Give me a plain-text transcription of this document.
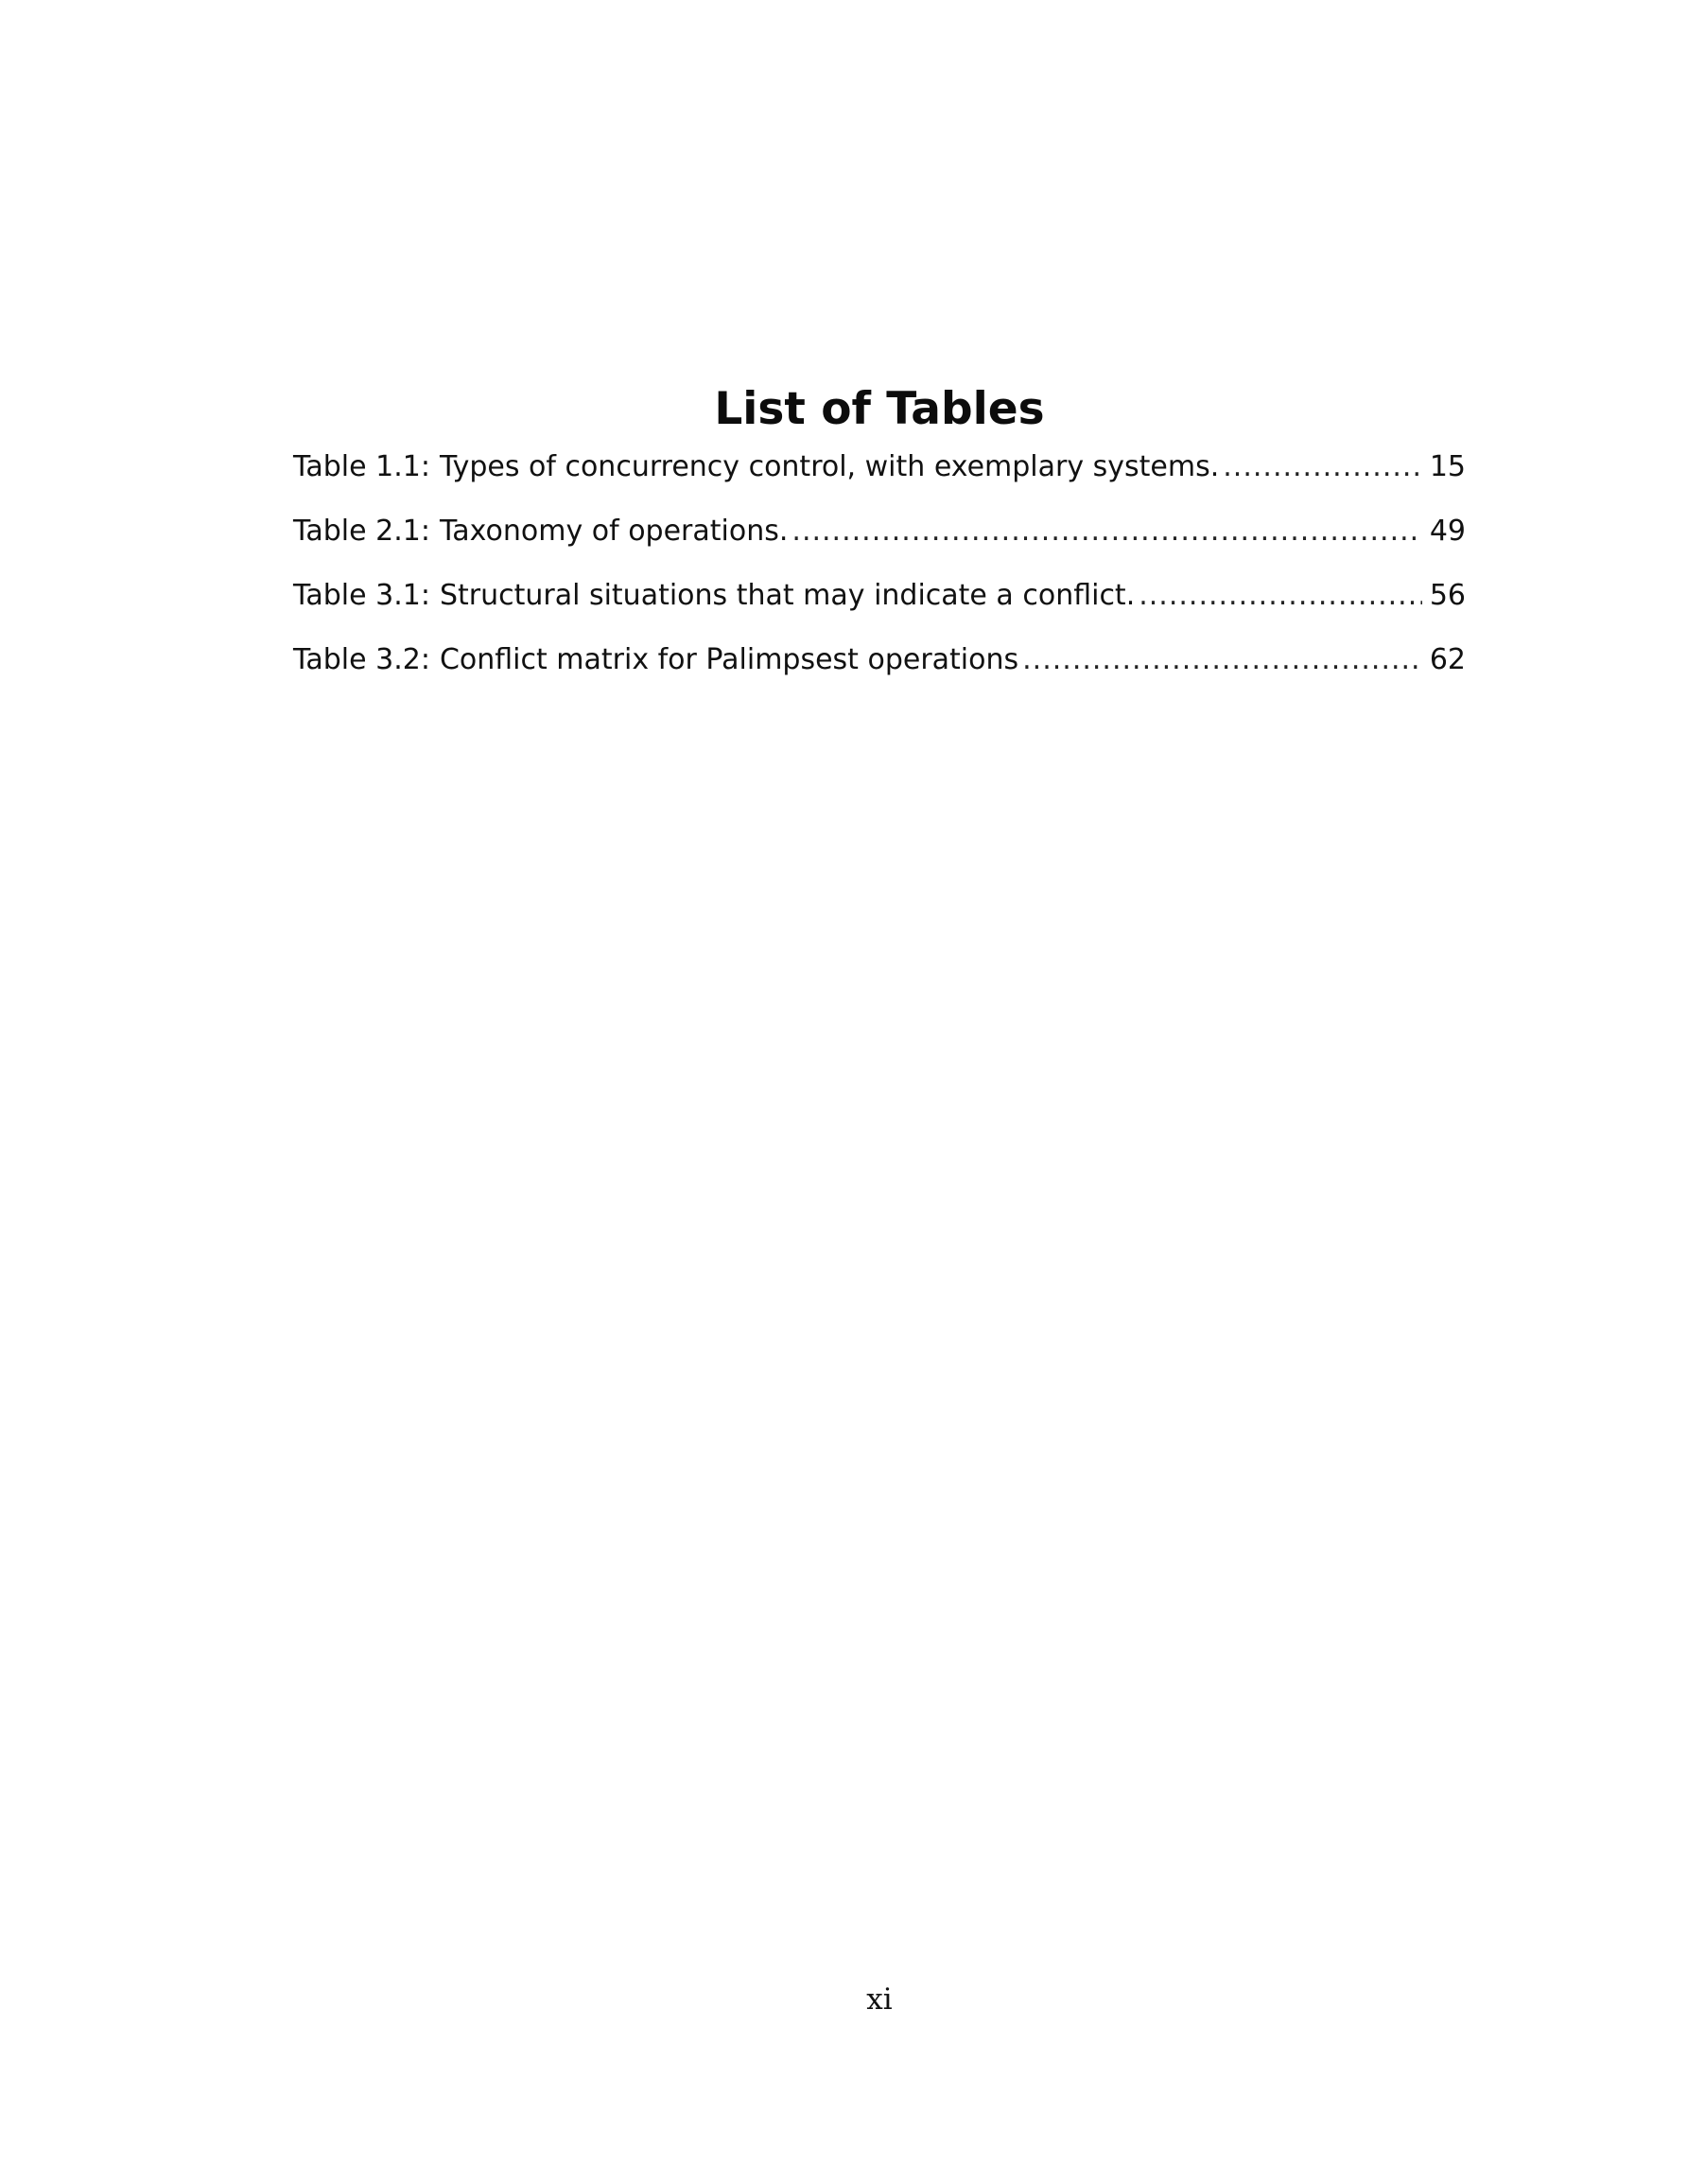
List of Tables
Table 1.1: Types of concurrency control, with exemplary systems. .....	15
Table 2.1: Taxonomy of operations. .....	49
Table 3.1: Structural situations that may indicate a conflict. .....	56
Table 3.2: Conflict matrix for Palimpsest operations .....	62
xi
